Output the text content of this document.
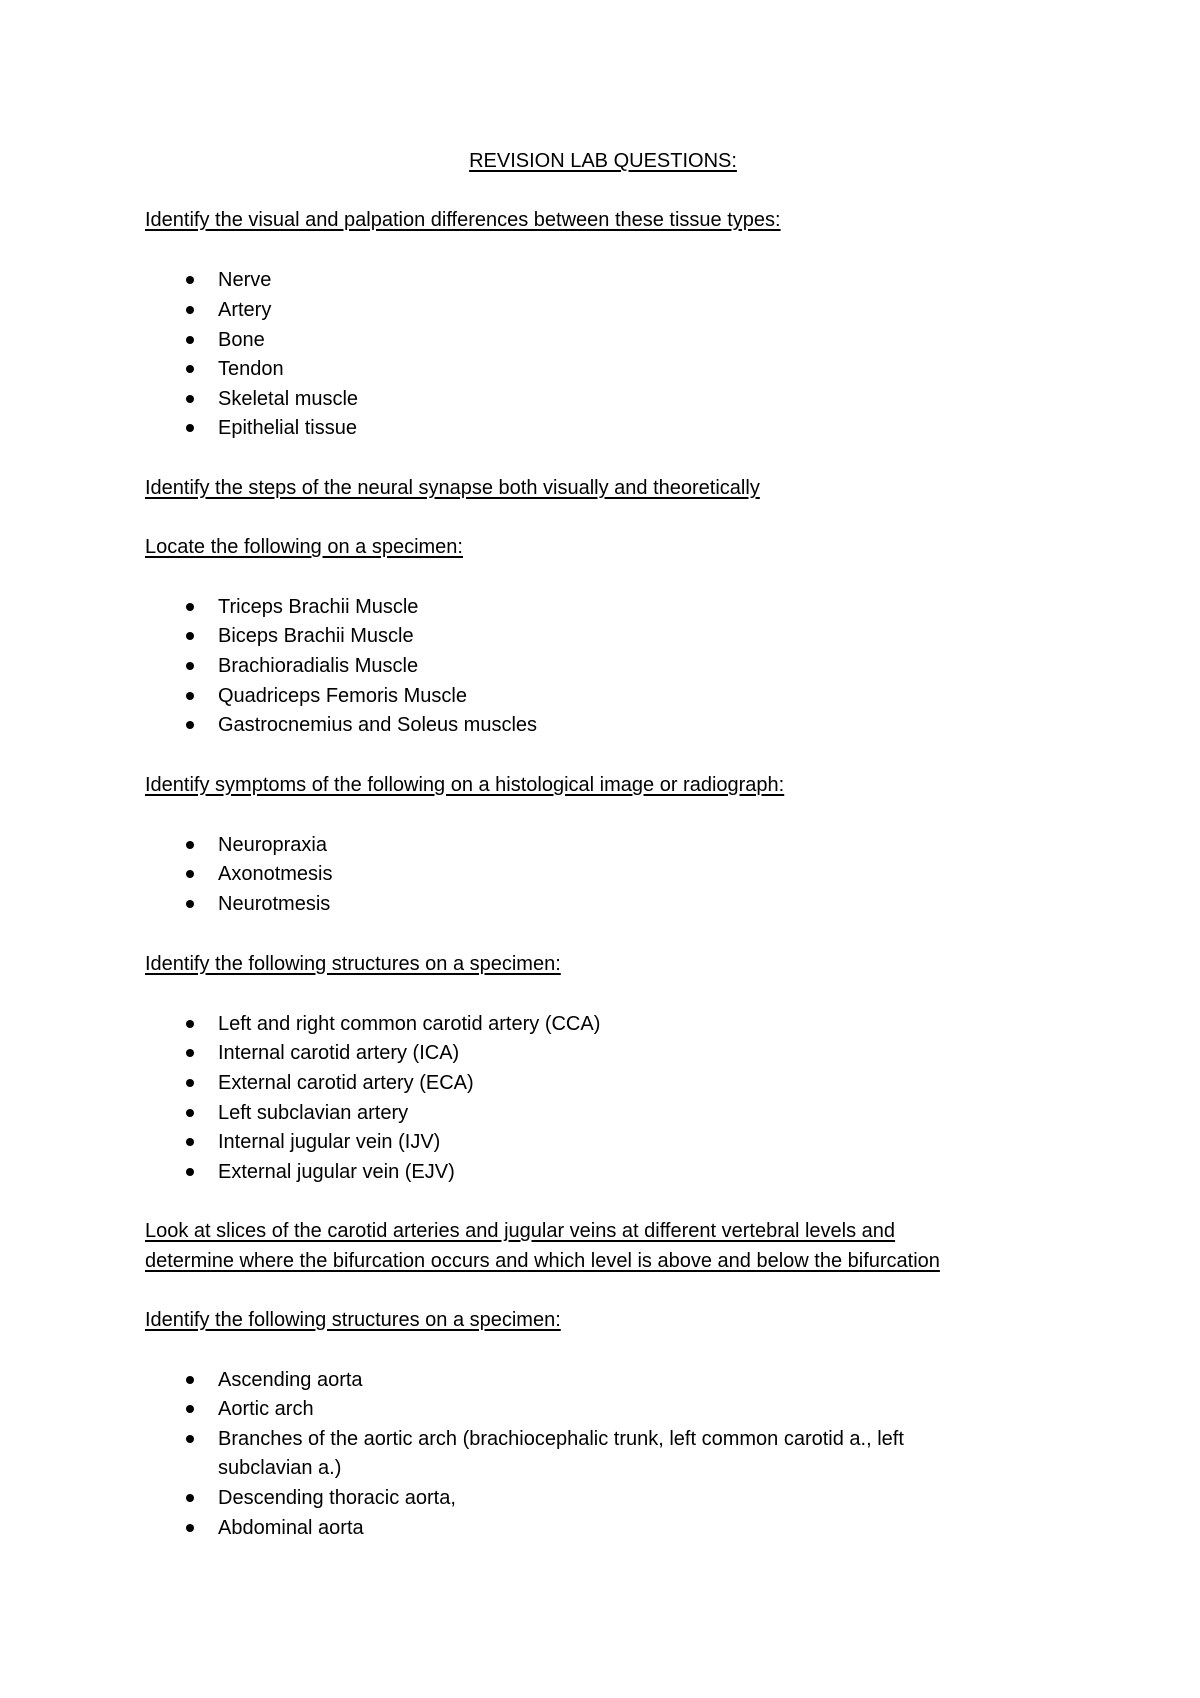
REVISION LAB QUESTIONS:
Identify the visual and palpation differences between these tissue types:
Nerve
Artery
Bone
Tendon
Skeletal muscle
Epithelial tissue
Identify the steps of the neural synapse both visually and theoretically
Locate the following on a specimen:
Triceps Brachii Muscle
Biceps Brachii Muscle
Brachioradialis Muscle
Quadriceps Femoris Muscle
Gastrocnemius and Soleus muscles
Identify symptoms of the following on a histological image or radiograph:
Neuropraxia
Axonotmesis
Neurotmesis
Identify the following structures on a specimen:
Left and right common carotid artery (CCA)
Internal carotid artery (ICA)
External carotid artery (ECA)
Left subclavian artery
Internal jugular vein (IJV)
External jugular vein (EJV)
Look at slices of the carotid arteries and jugular veins at different vertebral levels and
determine where the bifurcation occurs and which level is above and below the bifurcation
Identify the following structures on a specimen:
Ascending aorta
Aortic arch
Branches of the aortic arch (brachiocephalic trunk, left common carotid a., left
subclavian a.)
Descending thoracic aorta,
Abdominal aorta
